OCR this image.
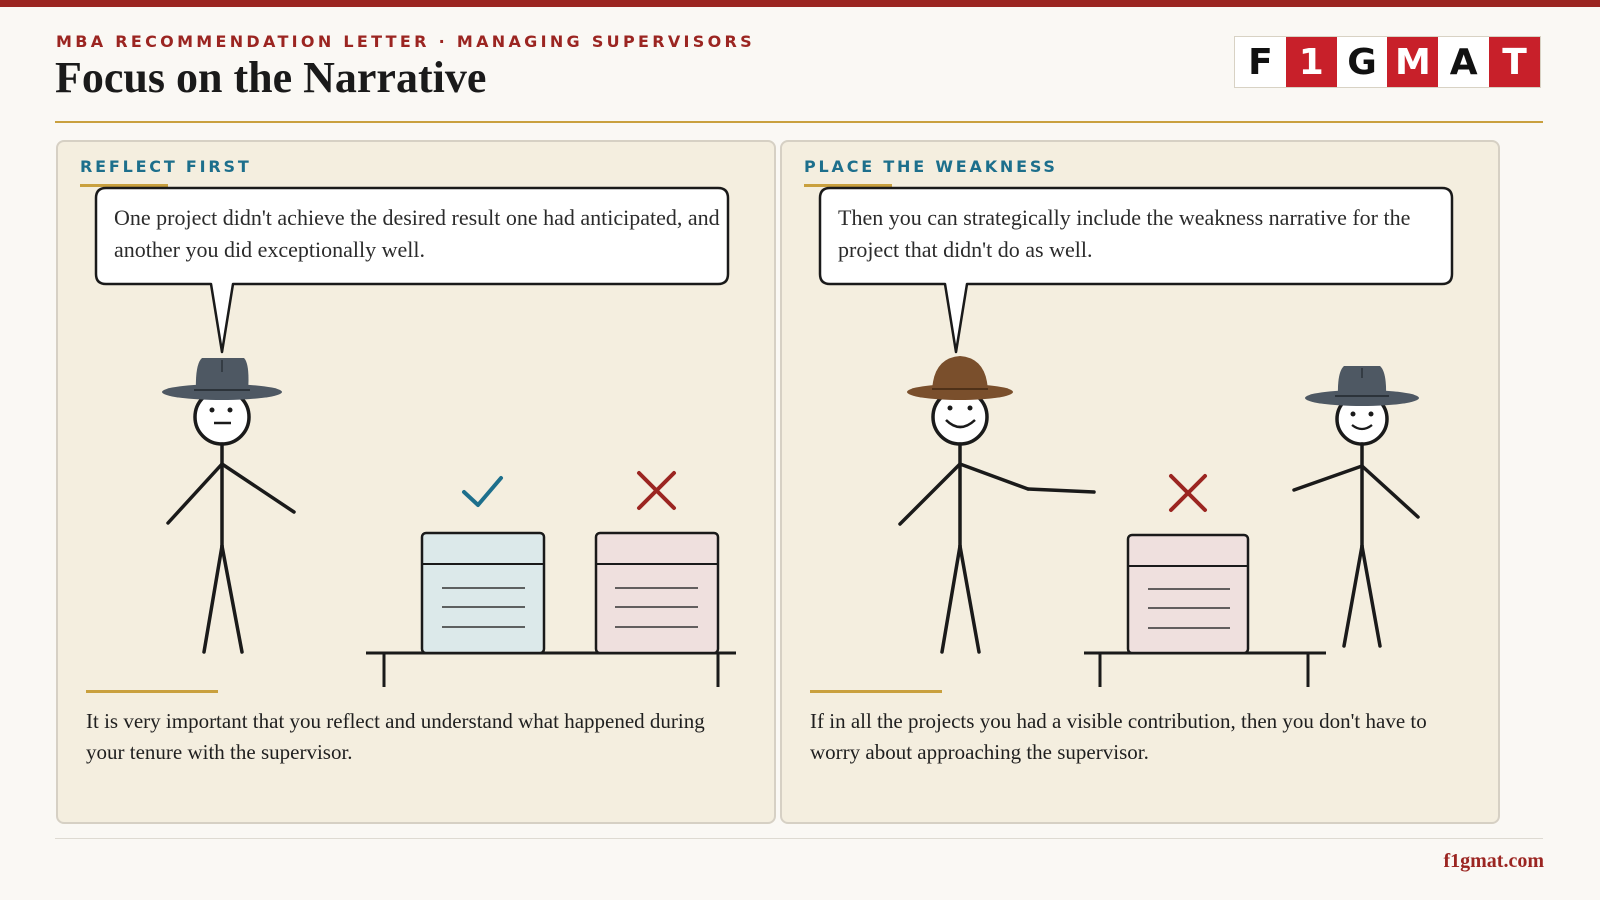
MBA RECOMMENDATION LETTER · MANAGING SUPERVISORS
Focus on the Narrative	F 1 G M A T
REFLECT FIRST
One project didn't achieve the desired result one had anticipated, and another you did exceptionally well.
It is very important that you reflect and understand what happened during your tenure with the supervisor.
PLACE THE WEAKNESS
Then you can strategically include the weakness narrative for the project that didn't do as well.
If in all the projects you had a visible contribution, then you don't have to worry about approaching the supervisor.
f1gmat.com
